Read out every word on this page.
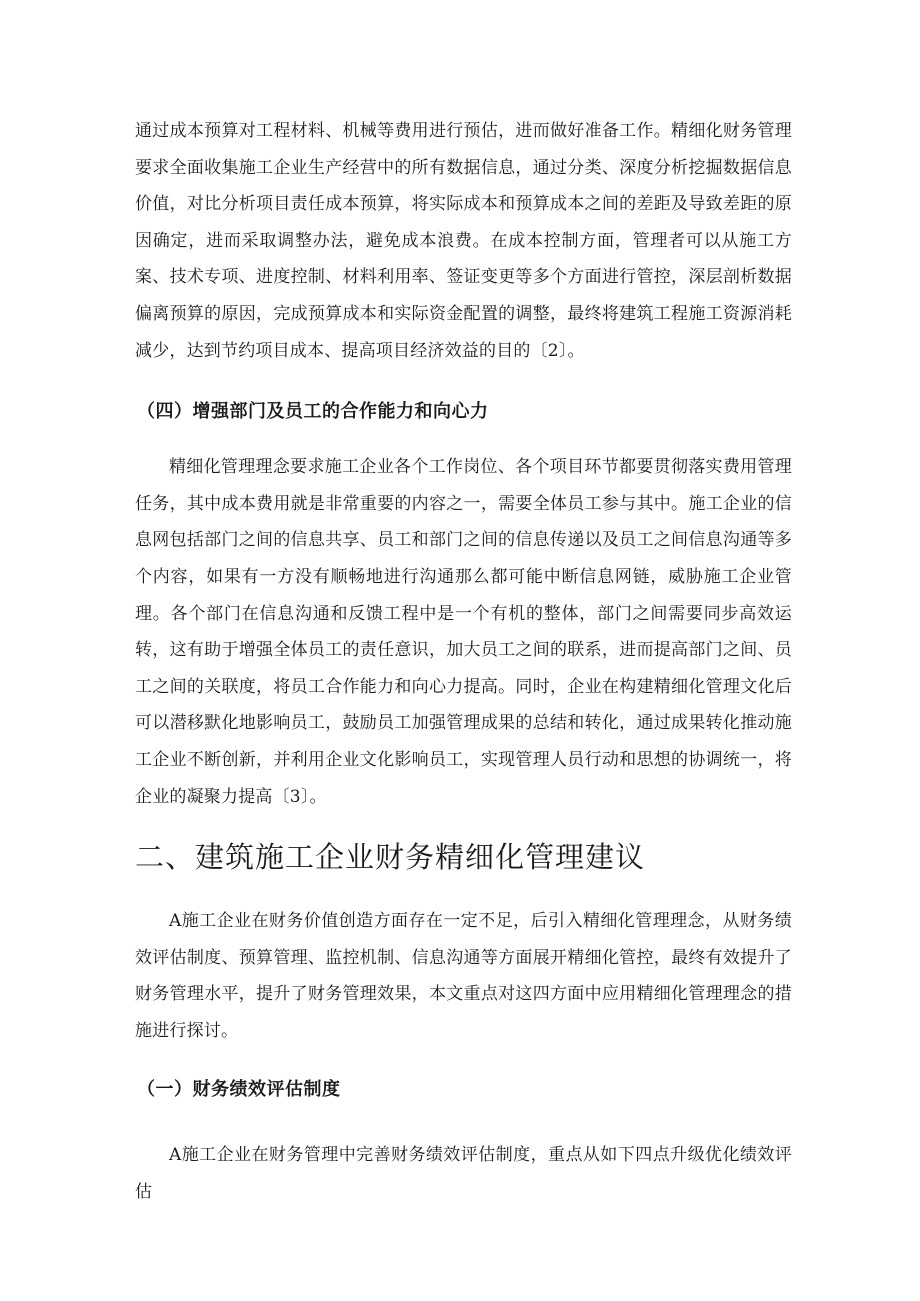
通过成本预算对工程材料、机械等费用进行预估，进而做好准备工作。精细化财务管理要求全面收集施工企业生产经营中的所有数据信息，通过分类、深度分析挖掘数据信息价值，对比分析项目责任成本预算，将实际成本和预算成本之间的差距及导致差距的原因确定，进而采取调整办法，避免成本浪费。在成本控制方面，管理者可以从施工方案、技术专项、进度控制、材料利用率、签证变更等多个方面进行管控，深层剖析数据偏离预算的原因，完成预算成本和实际资金配置的调整，最终将建筑工程施工资源消耗减少，达到节约项目成本、提高项目经济效益的目的〔2〕。

（四）增强部门及员工的合作能力和向心力

精细化管理理念要求施工企业各个工作岗位、各个项目环节都要贯彻落实费用管理任务，其中成本费用就是非常重要的内容之一，需要全体员工参与其中。施工企业的信息网包括部门之间的信息共享、员工和部门之间的信息传递以及员工之间信息沟通等多个内容，如果有一方没有顺畅地进行沟通那么都可能中断信息网链，威胁施工企业管理。各个部门在信息沟通和反馈工程中是一个有机的整体，部门之间需要同步高效运转，这有助于增强全体员工的责任意识，加大员工之间的联系，进而提高部门之间、员工之间的关联度，将员工合作能力和向心力提高。同时，企业在构建精细化管理文化后可以潜移默化地影响员工，鼓励员工加强管理成果的总结和转化，通过成果转化推动施工企业不断创新，并利用企业文化影响员工，实现管理人员行动和思想的协调统一，将企业的凝聚力提高〔3〕。

二、建筑施工企业财务精细化管理建议

A施工企业在财务价值创造方面存在一定不足，后引入精细化管理理念，从财务绩效评估制度、预算管理、监控机制、信息沟通等方面展开精细化管控，最终有效提升了财务管理水平，提升了财务管理效果，本文重点对这四方面中应用精细化管理理念的措施进行探讨。

（一）财务绩效评估制度

A施工企业在财务管理中完善财务绩效评估制度，重点从如下四点升级优化绩效评估
